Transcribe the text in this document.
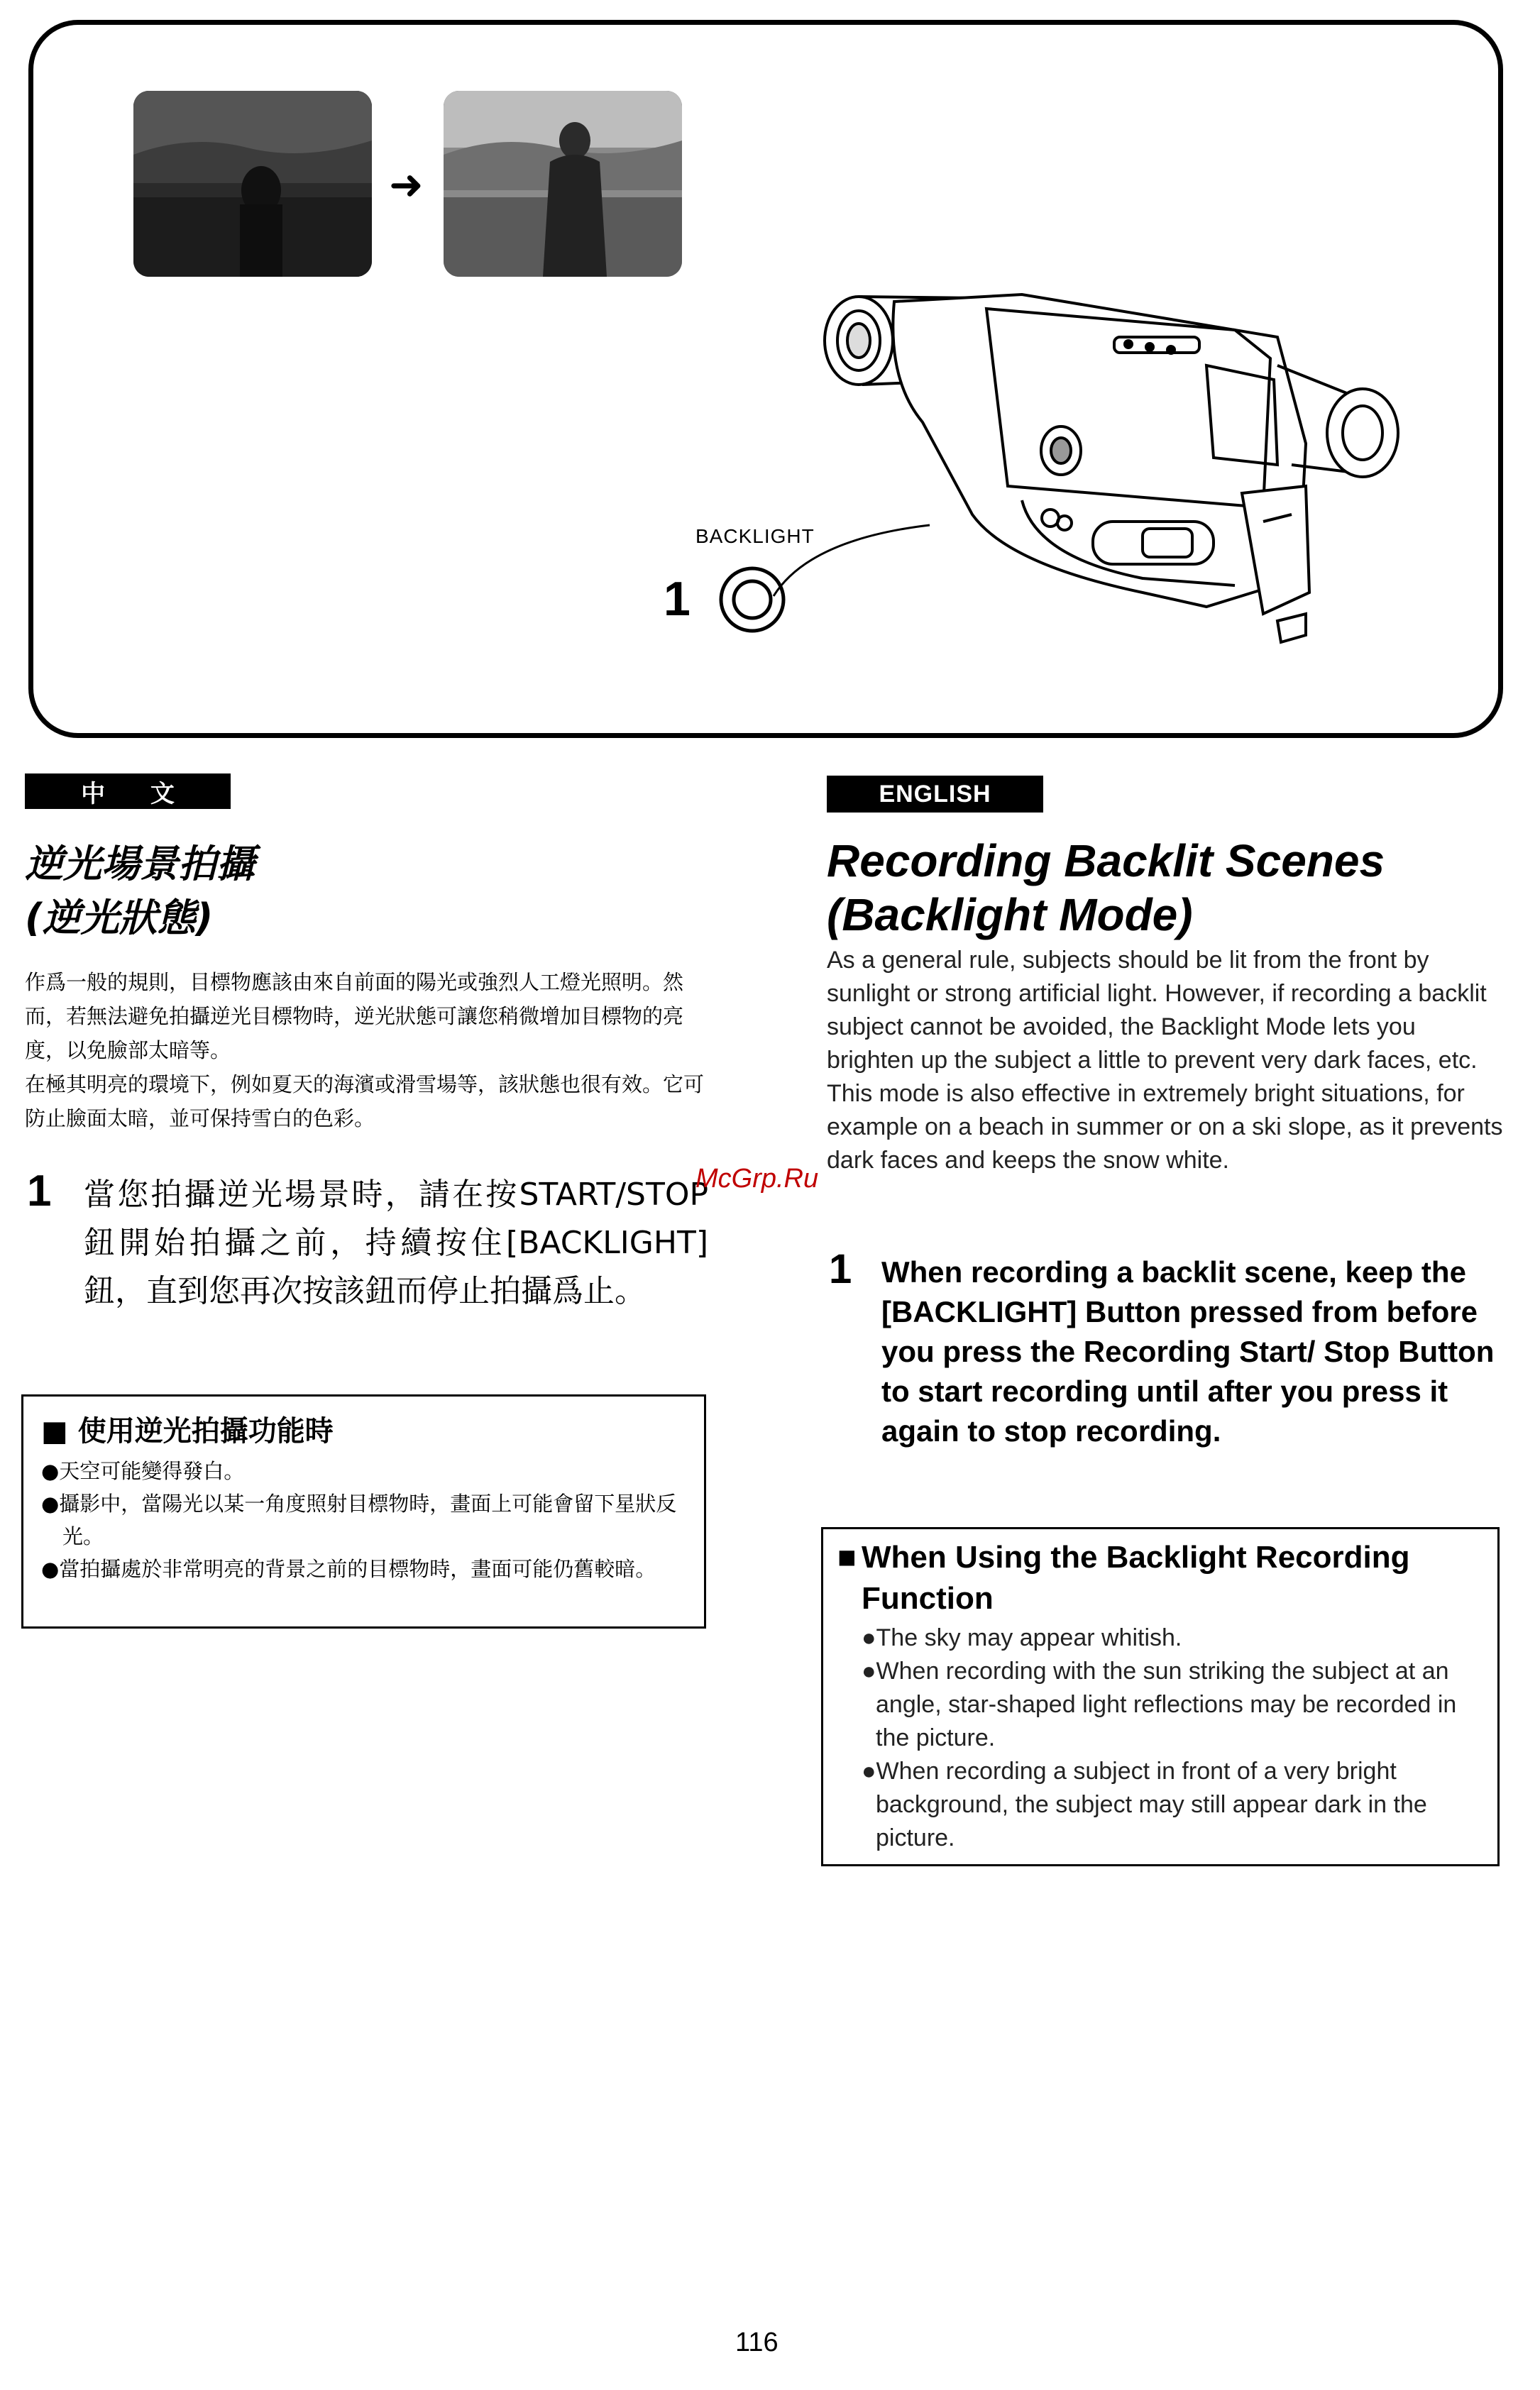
➜
BACKLIGHT
1
中 文	ENGLISH
逆光場景拍攝
(逆光狀態)
作爲一般的規則，目標物應該由來自前面的陽光或強烈人工燈光照明。然而，若無法避免拍攝逆光目標物時，逆光狀態可讓您稍微增加目標物的亮度，以免臉部太暗等。
在極其明亮的環境下，例如夏天的海濱或滑雪場等，該狀態也很有效。它可防止臉面太暗，並可保持雪白的色彩。
1 當您拍攝逆光場景時，請在按START/STOP鈕開始拍攝之前，持續按住[BACKLIGHT]鈕，直到您再次按該鈕而停止拍攝爲止。
■ 使用逆光拍攝功能時
●天空可能變得發白。
●攝影中，當陽光以某一角度照射目標物時，畫面上可能會留下星狀反光。
●當拍攝處於非常明亮的背景之前的目標物時，畫面可能仍舊較暗。
Recording Backlit Scenes
(Backlight Mode)
As a general rule, subjects should be lit from the front by sunlight or strong artificial light. However, if recording a backlit subject cannot be avoided, the Backlight Mode lets you brighten up the subject a little to prevent very dark faces, etc.
This mode is also effective in extremely bright situations, for example on a beach in summer or on a ski slope, as it prevents dark faces and keeps the snow white.
1 When recording a backlit scene, keep the [BACKLIGHT] Button pressed from before you press the Recording Start/ Stop Button to start recording until after you press it again to stop recording.
■ When Using the Backlight Recording Function
●The sky may appear whitish.
●When recording with the sun striking the subject at an angle, star-shaped light reflections may be recorded in the picture.
●When recording a subject in front of a very bright background, the subject may still appear dark in the picture.
McGrp.Ru
116
